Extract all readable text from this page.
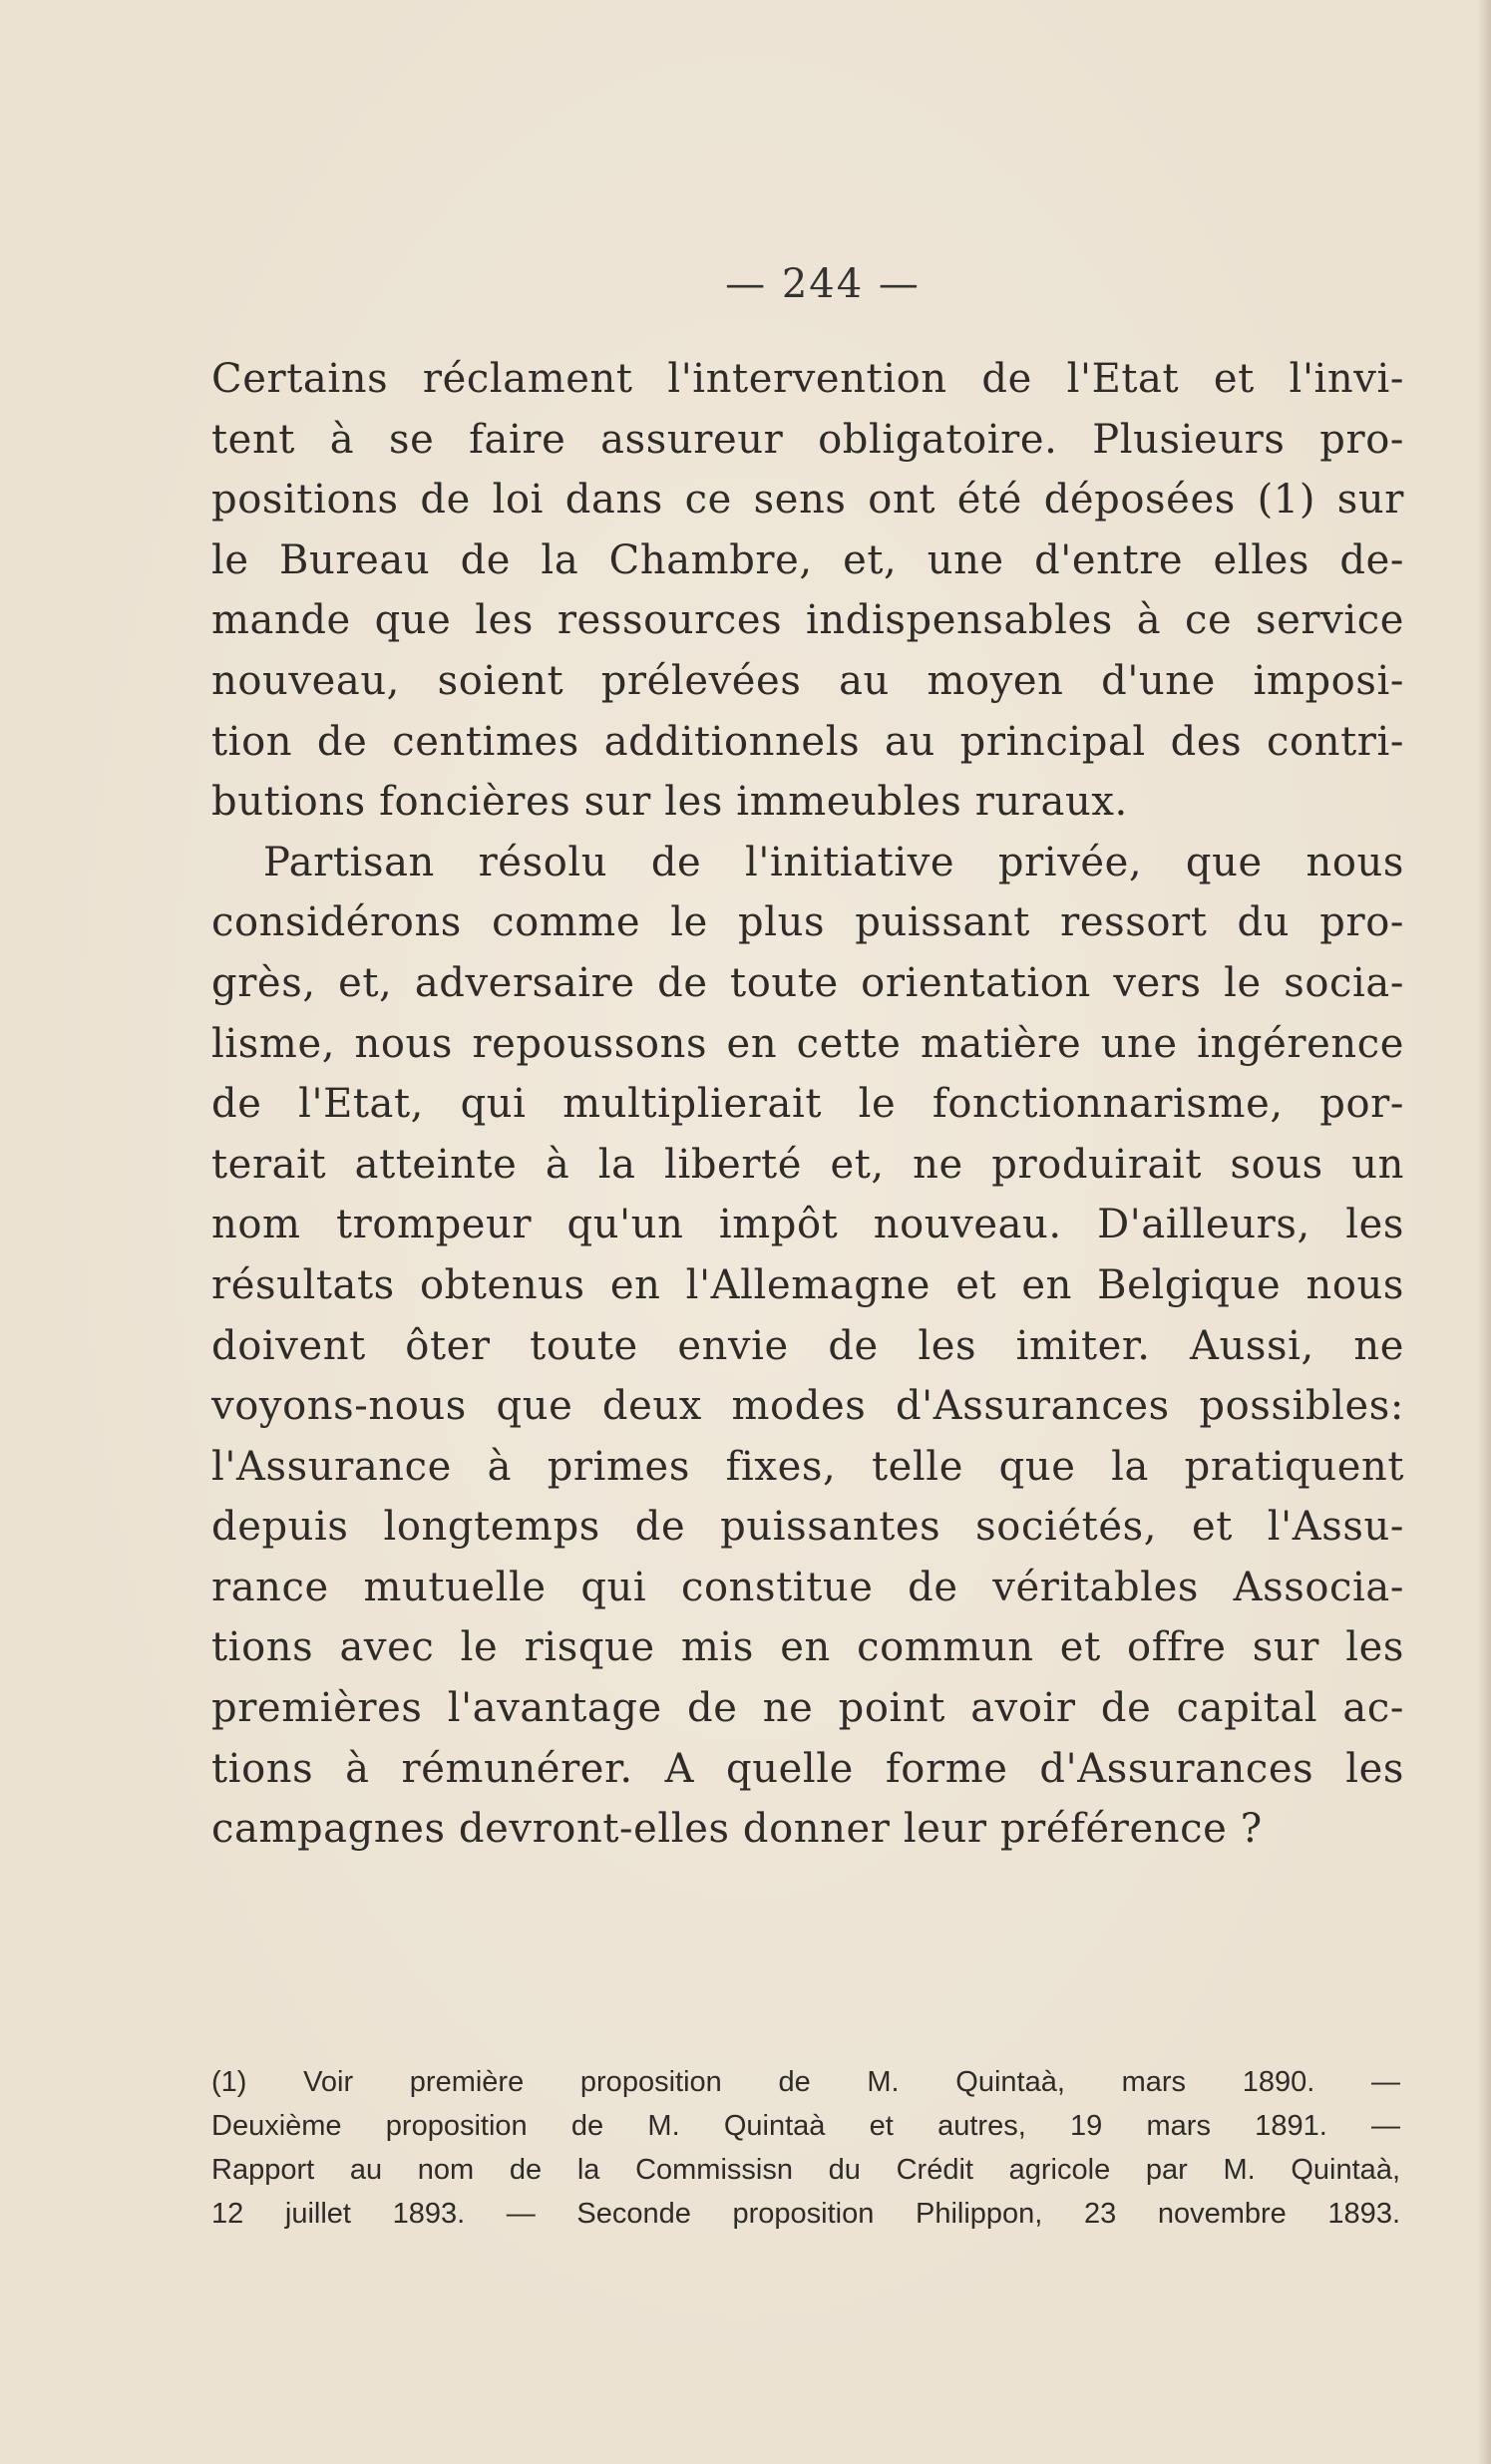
— 244 —
Certains réclament l'intervention de l'Etat et l'invi-
tent à se faire assureur obligatoire. Plusieurs pro-
positions de loi dans ce sens ont été déposées (1) sur
le Bureau de la Chambre, et, une d'entre elles de-
mande que les ressources indispensables à ce service
nouveau, soient prélevées au moyen d'une imposi-
tion de centimes additionnels au principal des contri-
butions foncières sur les immeubles ruraux.
Partisan résolu de l'initiative privée, que nous
considérons comme le plus puissant ressort du pro-
grès, et, adversaire de toute orientation vers le socia-
lisme, nous repoussons en cette matière une ingérence
de l'Etat, qui multiplierait le fonctionnarisme, por-
terait atteinte à la liberté et, ne produirait sous un
nom trompeur qu'un impôt nouveau. D'ailleurs, les
résultats obtenus en l'Allemagne et en Belgique nous
doivent ôter toute envie de les imiter. Aussi, ne
voyons-nous que deux modes d'Assurances possibles:
l'Assurance à primes fixes, telle que la pratiquent
depuis longtemps de puissantes sociétés, et l'Assu-
rance mutuelle qui constitue de véritables Associa-
tions avec le risque mis en commun et offre sur les
premières l'avantage de ne point avoir de capital ac-
tions à rémunérer. A quelle forme d'Assurances les
campagnes devront-elles donner leur préférence ?
(1) Voir première proposition de M. Quintaà, mars 1890. —
Deuxième proposition de M. Quintaà et autres, 19 mars 1891. —
Rapport au nom de la Commissisn du Crédit agricole par M. Quintaà,
12 juillet 1893. — Seconde proposition Philippon, 23 novembre 1893.
